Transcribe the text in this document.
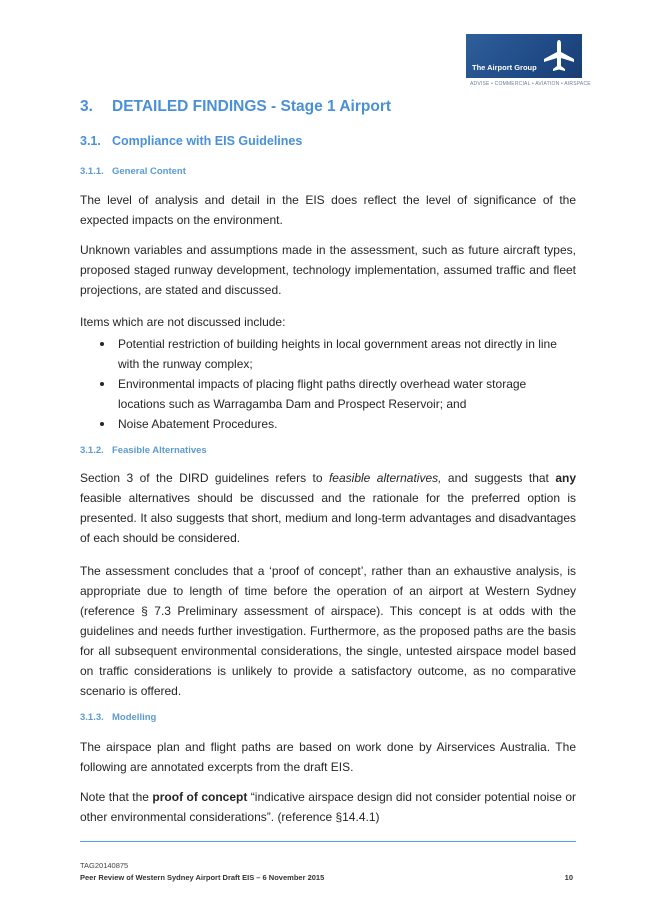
The Airport Group
ADVISE • COMMERCIAL • AVIATION • AIRSPACE
3. DETAILED FINDINGS - Stage 1 Airport
3.1. Compliance with EIS Guidelines
3.1.1. General Content
The level of analysis and detail in the EIS does reflect the level of significance of the expected impacts on the environment.
Unknown variables and assumptions made in the assessment, such as future aircraft types, proposed staged runway development, technology implementation, assumed traffic and fleet projections, are stated and discussed.
Items which are not discussed include:
Potential restriction of building heights in local government areas not directly in line with the runway complex;
Environmental impacts of placing flight paths directly overhead water storage locations such as Warragamba Dam and Prospect Reservoir; and
Noise Abatement Procedures.
3.1.2. Feasible Alternatives
Section 3 of the DIRD guidelines refers to feasible alternatives, and suggests that any feasible alternatives should be discussed and the rationale for the preferred option is presented. It also suggests that short, medium and long-term advantages and disadvantages of each should be considered.
The assessment concludes that a ‘proof of concept’, rather than an exhaustive analysis, is appropriate due to length of time before the operation of an airport at Western Sydney (reference § 7.3 Preliminary assessment of airspace). This concept is at odds with the guidelines and needs further investigation. Furthermore, as the proposed paths are the basis for all subsequent environmental considerations, the single, untested airspace model based on traffic considerations is unlikely to provide a satisfactory outcome, as no comparative scenario is offered.
3.1.3. Modelling
The airspace plan and flight paths are based on work done by Airservices Australia. The following are annotated excerpts from the draft EIS.
Note that the proof of concept “indicative airspace design did not consider potential noise or other environmental considerations”. (reference §14.4.1)
TAG20140875
Peer Review of Western Sydney Airport Draft EIS – 6 November 2015	10
